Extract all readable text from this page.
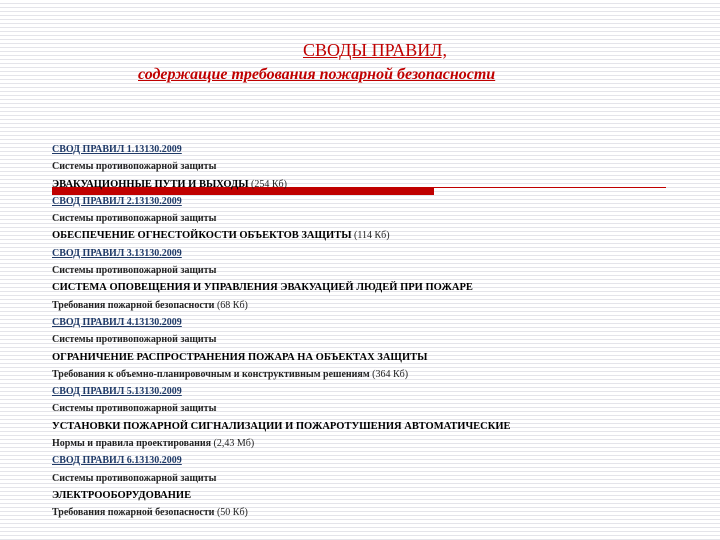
СВОДЫ ПРАВИЛ,
содержащие требования пожарной безопасности
СВОД ПРАВИЛ 1.13130.2009
Системы противопожарной защиты
ЭВАКУАЦИОННЫЕ ПУТИ И ВЫХОДЫ (254 Кб)
СВОД ПРАВИЛ 2.13130.2009
Системы противопожарной защиты
ОБЕСПЕЧЕНИЕ ОГНЕСТОЙКОСТИ ОБЪЕКТОВ ЗАЩИТЫ (114 Кб)
СВОД ПРАВИЛ 3.13130.2009
Системы противопожарной защиты
СИСТЕМА ОПОВЕЩЕНИЯ И УПРАВЛЕНИЯ ЭВАКУАЦИЕЙ ЛЮДЕЙ ПРИ ПОЖАРЕ
Требования пожарной безопасности (68 Кб)
СВОД ПРАВИЛ 4.13130.2009
Системы противопожарной защиты
ОГРАНИЧЕНИЕ РАСПРОСТРАНЕНИЯ ПОЖАРА НА ОБЪЕКТАХ ЗАЩИТЫ
Требования к объемно-планировочным и конструктивным решениям (364 Кб)
СВОД ПРАВИЛ 5.13130.2009
Системы противопожарной защиты
УСТАНОВКИ ПОЖАРНОЙ СИГНАЛИЗАЦИИ И ПОЖАРОТУШЕНИЯ АВТОМАТИЧЕСКИЕ
Нормы и правила проектирования (2,43 Мб)
СВОД ПРАВИЛ 6.13130.2009
Системы противопожарной защиты
ЭЛЕКТРООБОРУДОВАНИЕ
Требования пожарной безопасности (50 Кб)
